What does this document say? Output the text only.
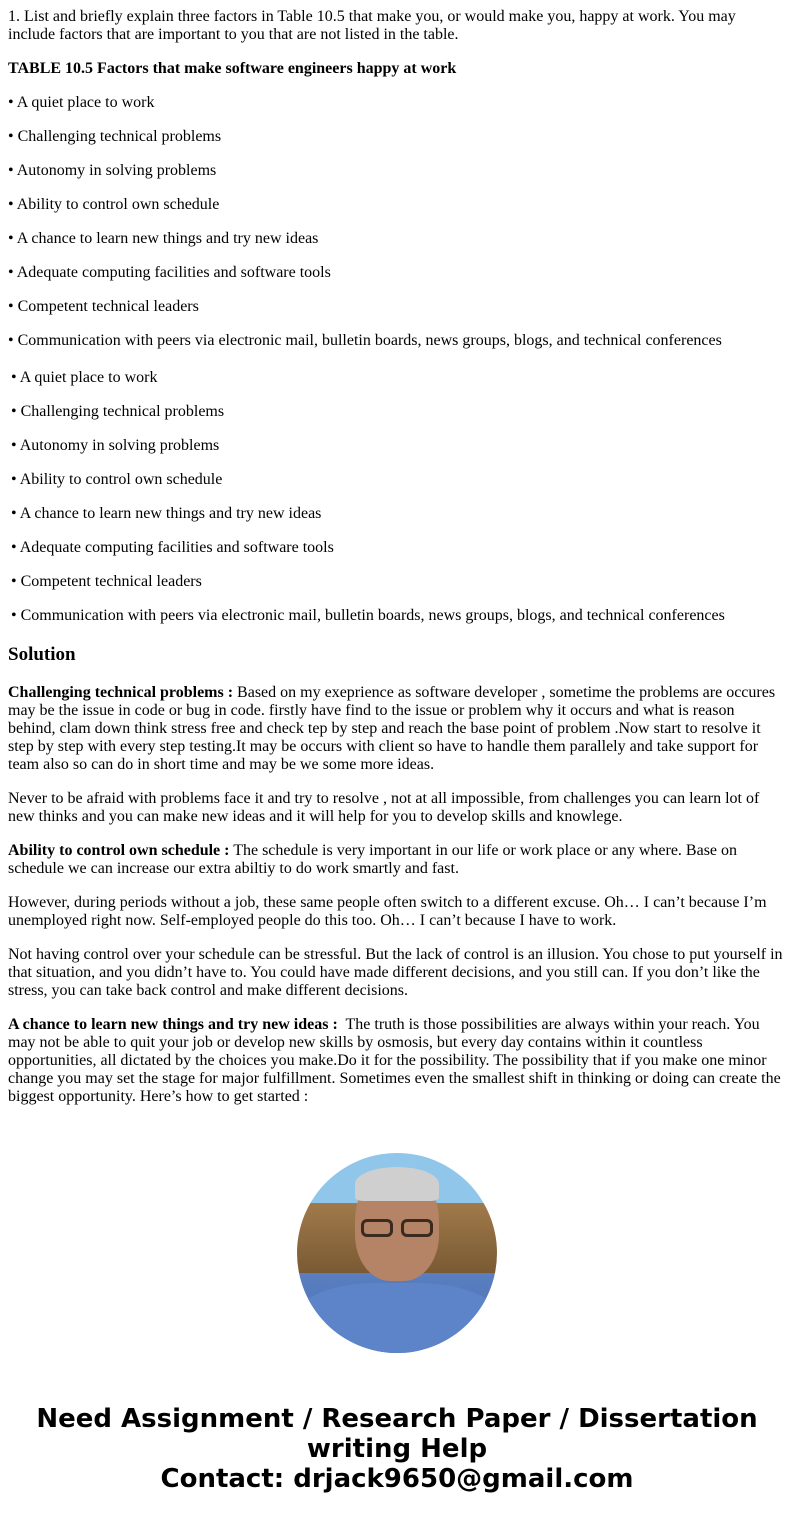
1. List and briefly explain three factors in Table 10.5 that make you, or would make you, happy at work. You may include factors that are important to you that are not listed in the table.

TABLE 10.5 Factors that make software engineers happy at work

• A quiet place to work

• Challenging technical problems

• Autonomy in solving problems

• Ability to control own schedule

• A chance to learn new things and try new ideas

• Adequate computing facilities and software tools

• Competent technical leaders

• Communication with peers via electronic mail, bulletin boards, news groups, blogs, and technical conferences

• A quiet place to work

• Challenging technical problems

• Autonomy in solving problems

• Ability to control own schedule

• A chance to learn new things and try new ideas

• Adequate computing facilities and software tools

• Competent technical leaders

• Communication with peers via electronic mail, bulletin boards, news groups, blogs, and technical conferences

Solution

Challenging technical problems : Based on my exeprience as software developer , sometime the problems are occures may be the issue in code or bug in code. firstly have find to the issue or problem why it occurs and what is reason behind, clam down think stress free and check tep by step and reach the base point of problem .Now start to resolve it step by step with every step testing.It may be occurs with client so have to handle them parallely and take support for team also so can do in short time and may be we some more ideas.

Never to be afraid with problems face it and try to resolve , not at all impossible, from challenges you can learn lot of new thinks and you can make new ideas and it will help for you to develop skills and knowlege.

Ability to control own schedule : The schedule is very important in our life or work place or any where. Base on schedule we can increase our extra abiltiy to do work smartly and fast.

However, during periods without a job, these same people often switch to a different excuse. Oh… I can’t because I’m unemployed right now. Self-employed people do this too. Oh… I can’t because I have to work.

Not having control over your schedule can be stressful. But the lack of control is an illusion. You chose to put yourself in that situation, and you didn’t have to. You could have made different decisions, and you still can. If you don’t like the stress, you can take back control and make different decisions.

A chance to learn new things and try new ideas :  The truth is those possibilities are always within your reach. You may not be able to quit your job or develop new skills by osmosis, but every day contains within it countless opportunities, all dictated by the choices you make.Do it for the possibility. The possibility that if you make one minor change you may set the stage for major fulfillment. Sometimes even the smallest shift in thinking or doing can create the biggest opportunity. Here’s how to get started :

Need Assignment / Research Paper / Dissertation writing Help
Contact: drjack9650@gmail.com
